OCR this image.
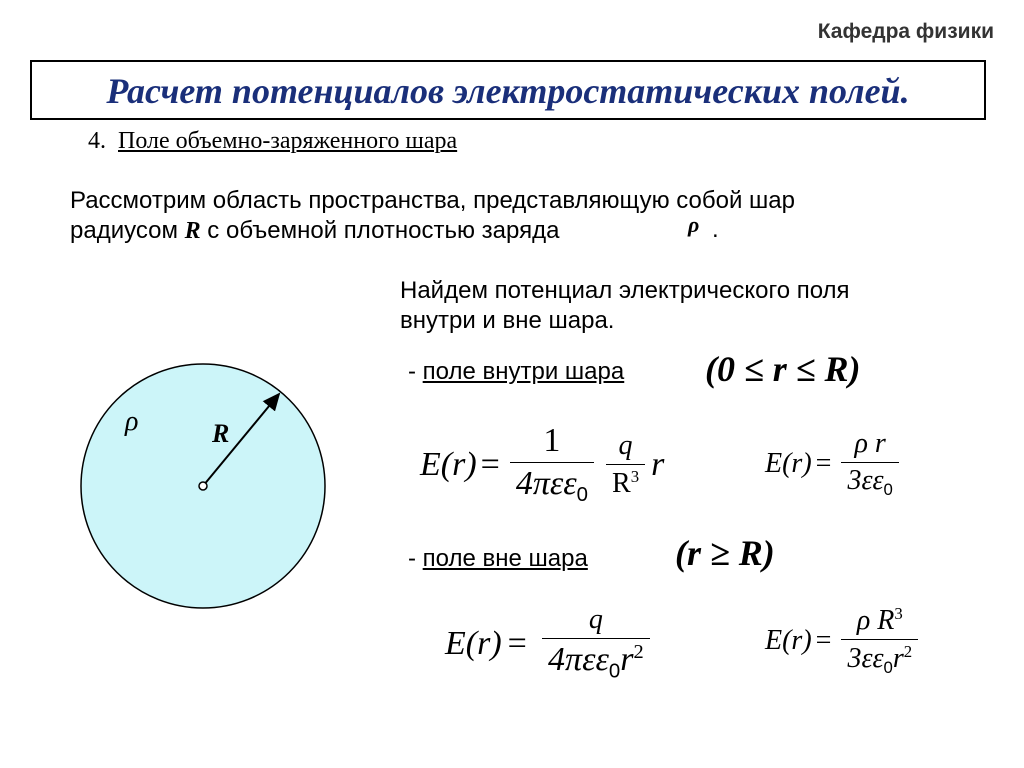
Кафедра физики
Расчет потенциалов электростатических полей.
4. Поле объемно-заряженного шара
Рассмотрим область пространства, представляющую собой шар
радиусом R с объемной плотностью заряда	ρ .
Найдем потенциал электрического поля
внутри и вне шара.
- поле внутри шара (0 ≤ r ≤ R)
$E(r) = \frac{1}{4\pi\varepsilon\varepsilon_0} \frac{q}{R^3}$ r	$E(r) = \frac{\text{ρ r}}{3\varepsilon\varepsilon_0}$
- поле вне шара (r ≥ R)
$E(r) = \frac{q}{4\pi\varepsilon\varepsilon_0r^2}$	$E(r) = \frac{\rho R^3}{3\varepsilon\varepsilon_0r^2}$
ρ	R
